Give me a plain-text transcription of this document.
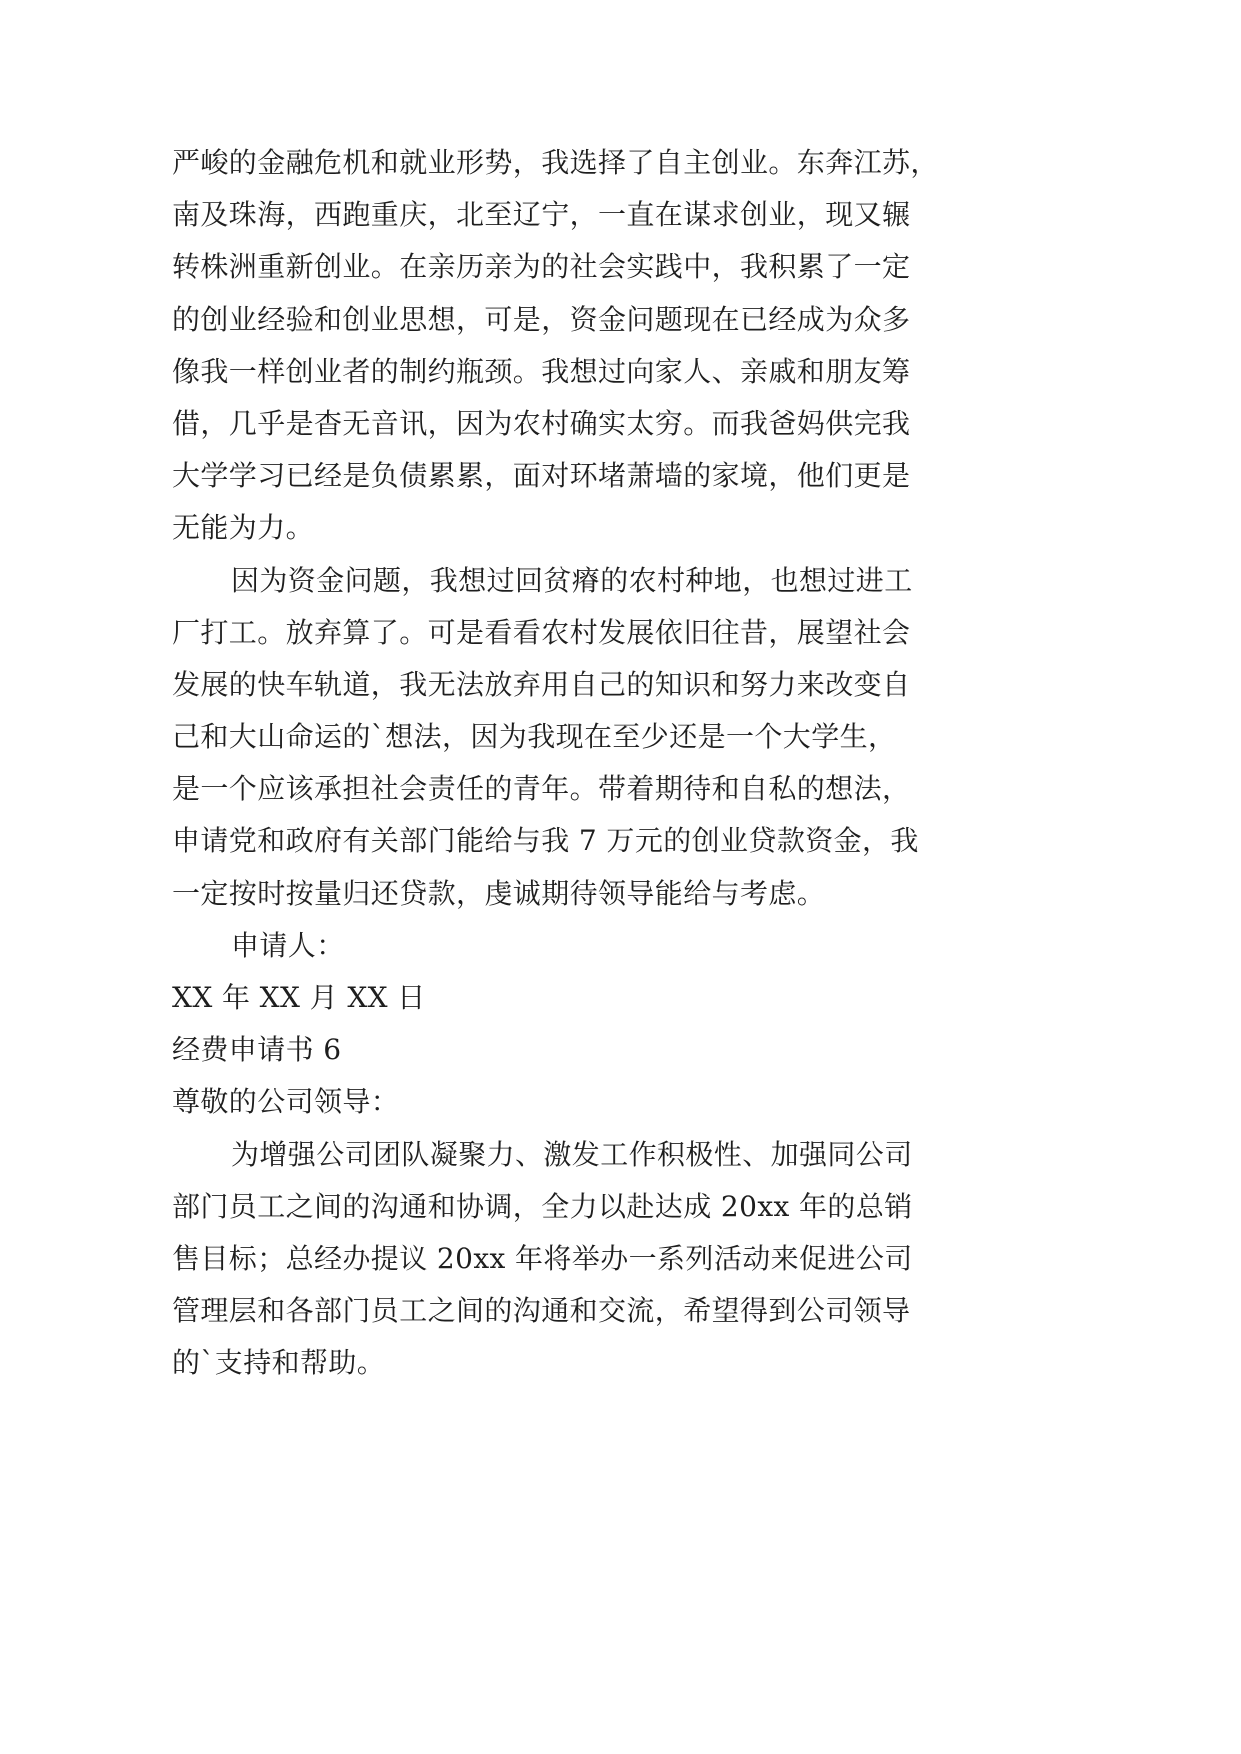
严峻的金融危机和就业形势，我选择了自主创业。东奔江苏，
南及珠海，西跑重庆，北至辽宁，一直在谋求创业，现又辗
转株洲重新创业。在亲历亲为的社会实践中，我积累了一定
的创业经验和创业思想，可是，资金问题现在已经成为众多
像我一样创业者的制约瓶颈。我想过向家人、亲戚和朋友筹
借，几乎是杳无音讯，因为农村确实太穷。而我爸妈供完我
大学学习已经是负债累累，面对环堵萧墙的家境，他们更是
无能为力。
因为资金问题，我想过回贫瘠的农村种地，也想过进工
厂打工。放弃算了。可是看看农村发展依旧往昔，展望社会
发展的快车轨道，我无法放弃用自己的知识和努力来改变自
己和大山命运的`想法，因为我现在至少还是一个大学生，
是一个应该承担社会责任的青年。带着期待和自私的想法，
申请党和政府有关部门能给与我 7 万元的创业贷款资金，我
一定按时按量归还贷款，虔诚期待领导能给与考虑。
申请人：
XX 年 XX 月 XX 日
经费申请书 6
尊敬的公司领导：
为增强公司团队凝聚力、激发工作积极性、加强同公司
部门员工之间的沟通和协调，全力以赴达成 20xx 年的总销
售目标；总经办提议 20xx 年将举办一系列活动来促进公司
管理层和各部门员工之间的沟通和交流，希望得到公司领导
的`支持和帮助。
